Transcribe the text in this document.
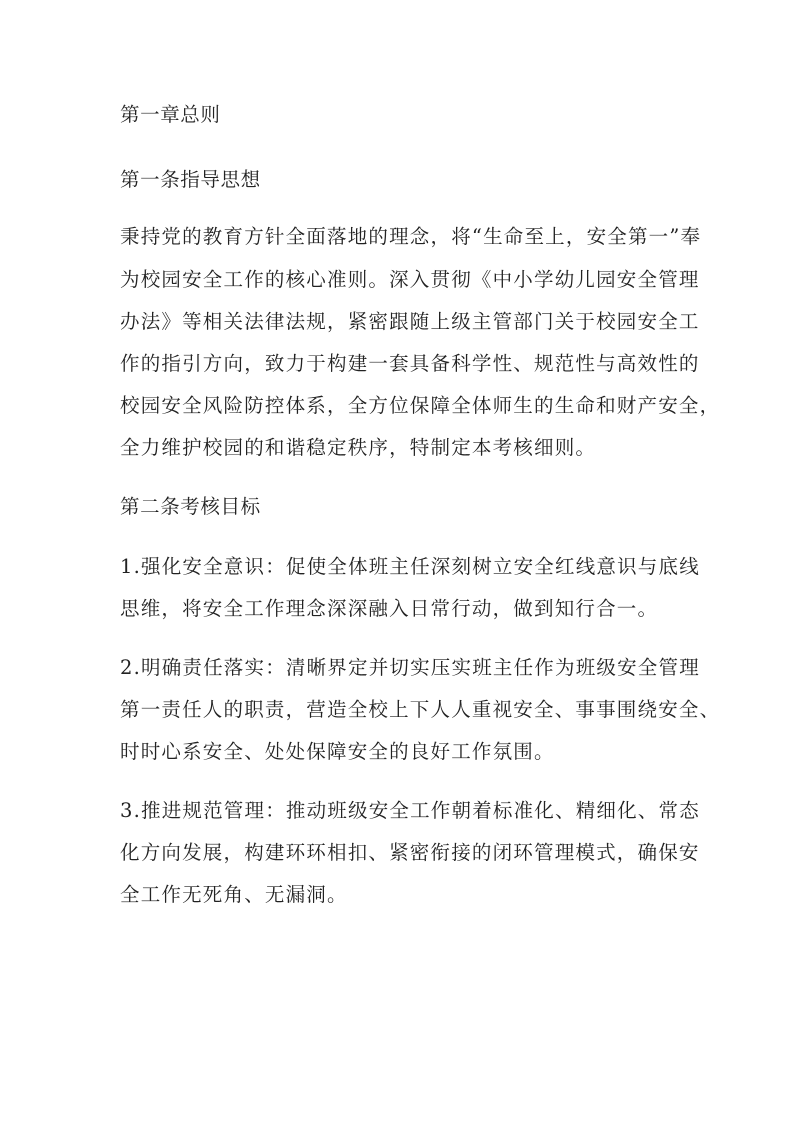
第一章总则
第一条指导思想
秉持党的教育方针全面落地的理念，将“生命至上，安全第一”奉
为校园安全工作的核心准则。深入贯彻《中小学幼儿园安全管理
办法》等相关法律法规，紧密跟随上级主管部门关于校园安全工
作的指引方向，致力于构建一套具备科学性、规范性与高效性的
校园安全风险防控体系，全方位保障全体师生的生命和财产安全，
全力维护校园的和谐稳定秩序，特制定本考核细则。
第二条考核目标
1.强化安全意识：促使全体班主任深刻树立安全红线意识与底线
思维，将安全工作理念深深融入日常行动，做到知行合一。
2.明确责任落实：清晰界定并切实压实班主任作为班级安全管理
第一责任人的职责，营造全校上下人人重视安全、事事围绕安全、
时时心系安全、处处保障安全的良好工作氛围。
3.推进规范管理：推动班级安全工作朝着标准化、精细化、常态
化方向发展，构建环环相扣、紧密衔接的闭环管理模式，确保安
全工作无死角、无漏洞。
